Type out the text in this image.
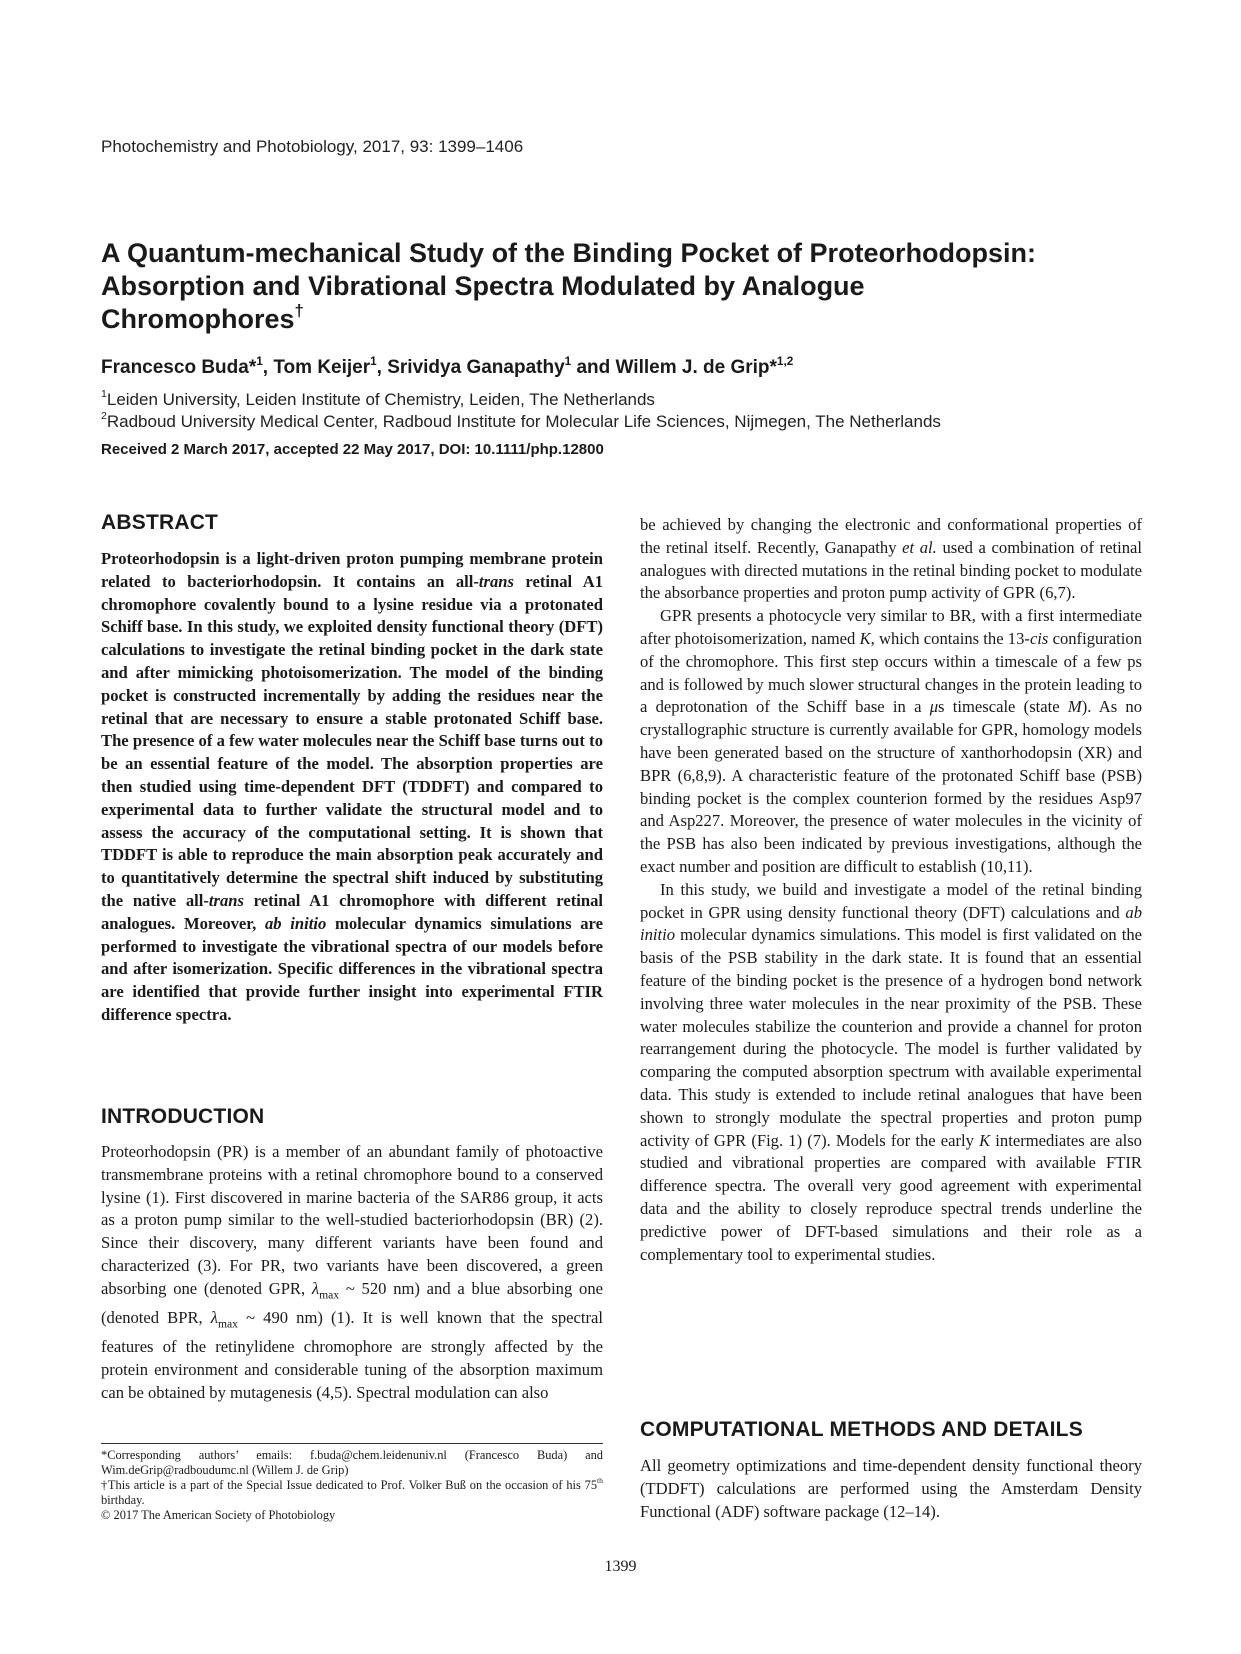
Photochemistry and Photobiology, 2017, 93: 1399–1406
A Quantum-mechanical Study of the Binding Pocket of Proteorhodopsin:
Absorption and Vibrational Spectra Modulated by Analogue
Chromophores†
Francesco Buda*$^1$, Tom Keijer$^1$, Srividya Ganapathy$^1$ and Willem J. de Grip*$^{1,2}$
$^1$Leiden University, Leiden Institute of Chemistry, Leiden, The Netherlands
$^2$Radboud University Medical Center, Radboud Institute for Molecular Life Sciences, Nijmegen, The Netherlands
Received 2 March 2017, accepted 22 May 2017, DOI: 10.1111/php.12800
ABSTRACT

Proteorhodopsin is a light-driven proton pumping membrane protein related to bacteriorhodopsin. It contains an all-trans retinal A1 chromophore covalently bound to a lysine residue via a protonated Schiff base. In this study, we exploited density functional theory (DFT) calculations to investigate the retinal binding pocket in the dark state and after mimicking photoisomerization. The model of the binding pocket is constructed incrementally by adding the residues near the retinal that are necessary to ensure a stable protonated Schiff base. The presence of a few water molecules near the Schiff base turns out to be an essential feature of the model. The absorption properties are then studied using time-dependent DFT (TDDFT) and compared to experimental data to further validate the structural model and to assess the accuracy of the computational setting. It is shown that TDDFT is able to reproduce the main absorption peak accurately and to quantitatively determine the spectral shift induced by substituting the native all-trans retinal A1 chromophore with different retinal analogues. Moreover, ab initio molecular dynamics simulations are performed to investigate the vibrational spectra of our models before and after isomerization. Specific differences in the vibrational spectra are identified that provide further insight into experimental FTIR difference spectra.

INTRODUCTION

Proteorhodopsin (PR) is a member of an abundant family of photoactive transmembrane proteins with a retinal chromophore bound to a conserved lysine (1). First discovered in marine bacteria of the SAR86 group, it acts as a proton pump similar to the well-studied bacteriorhodopsin (BR) (2). Since their discovery, many different variants have been found and characterized (3). For PR, two variants have been discovered, a green absorbing one (denoted GPR, $\lambda_{max}$ ~ 520 nm) and a blue absorbing one (denoted BPR, $\lambda_{max}$ ~ 490 nm) (1). It is well known that the spectral features of the retinylidene chromophore are strongly affected by the protein environment and considerable tuning of the absorption maximum can be obtained by mutagenesis (4,5). Spectral modulation can also

be achieved by changing the electronic and conformational properties of the retinal itself. Recently, Ganapathy et al. used a combination of retinal analogues with directed mutations in the retinal binding pocket to modulate the absorbance properties and proton pump activity of GPR (6,7).

GPR presents a photocycle very similar to BR, with a first intermediate after photoisomerization, named K, which contains the 13-cis configuration of the chromophore. This first step occurs within a timescale of a few ps and is followed by much slower structural changes in the protein leading to a deprotonation of the Schiff base in a μs timescale (state M). As no crystallographic structure is currently available for GPR, homology models have been generated based on the structure of xanthorhodopsin (XR) and BPR (6,8,9). A characteristic feature of the protonated Schiff base (PSB) binding pocket is the complex counterion formed by the residues Asp97 and Asp227. Moreover, the presence of water molecules in the vicinity of the PSB has also been indicated by previous investigations, although the exact number and position are difficult to establish (10,11).

In this study, we build and investigate a model of the retinal binding pocket in GPR using density functional theory (DFT) calculations and ab initio molecular dynamics simulations. This model is first validated on the basis of the PSB stability in the dark state. It is found that an essential feature of the binding pocket is the presence of a hydrogen bond network involving three water molecules in the near proximity of the PSB. These water molecules stabilize the counterion and provide a channel for proton rearrangement during the photocycle. The model is further validated by comparing the computed absorption spectrum with available experimental data. This study is extended to include retinal analogues that have been shown to strongly modulate the spectral properties and proton pump activity of GPR (Fig. 1) (7). Models for the early K intermediates are also studied and vibrational properties are compared with available FTIR difference spectra. The overall very good agreement with experimental data and the ability to closely reproduce spectral trends underline the predictive power of DFT-based simulations and their role as a complementary tool to experimental studies.

COMPUTATIONAL METHODS AND DETAILS

All geometry optimizations and time-dependent density functional theory (TDDFT) calculations are performed using the Amsterdam Density Functional (ADF) software package (12–14).

*Corresponding authors’ emails: f.buda@chem.leidenuniv.nl (Francesco Buda) and Wim.deGrip@radboudumc.nl (Willem J. de Grip)

†This article is a part of the Special Issue dedicated to Prof. Volker Buß on the occasion of his 75th birthday.

© 2017 The American Society of Photobiology

1399
